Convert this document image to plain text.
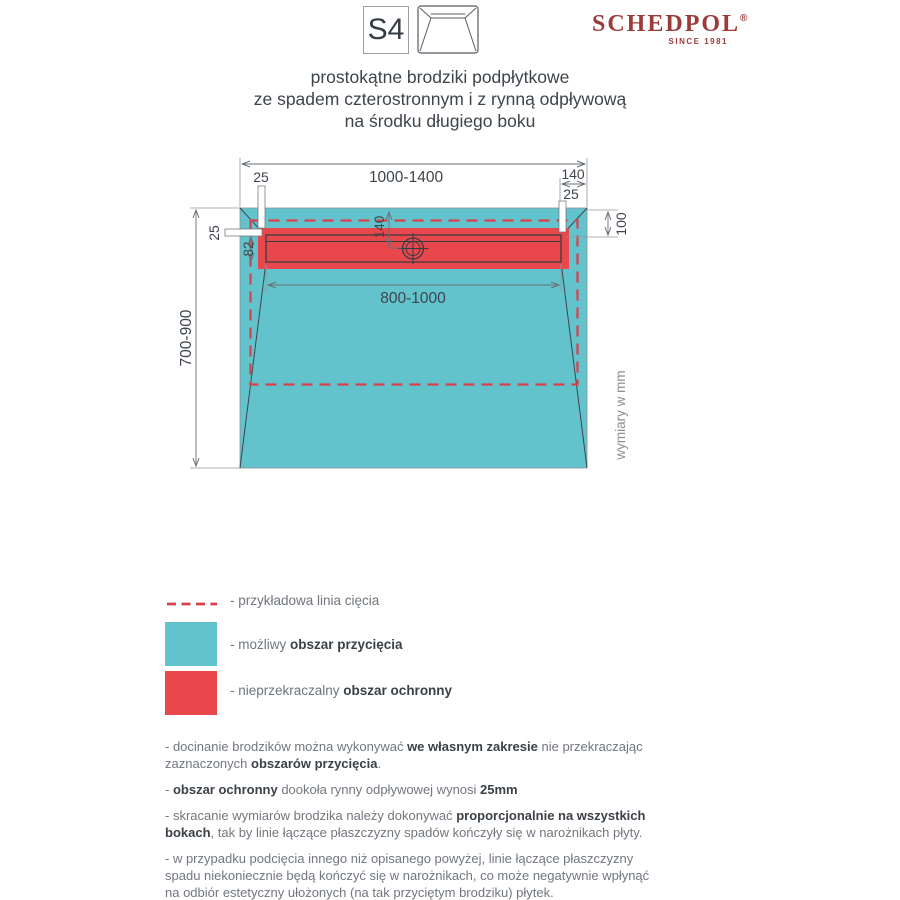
S4	SCHEDPOL®
SINCE 1981
prostokątne brodziki podpłytkowe
ze spadem czterostronnym i z rynną odpływową
na środku długiego boku
1000-1400
800-1000
140
700-900
100
82
140
25
25
25
wymiary w mm
- przykładowa linia cięcia
- możliwy obszar przycięcia
- nieprzekraczalny obszar ochronny

- docinanie brodzików można wykonywać we własnym zakresie nie przekraczając zaznaczonych obszarów przycięcia.

- obszar ochronny dookoła rynny odpływowej wynosi 25mm

- skracanie wymiarów brodzika należy dokonywać proporcjonalnie na wszystkich bokach, tak by linie łączące płaszczyzny spadów kończyły się w narożnikach płyty.

- w przypadku podcięcia innego niż opisanego powyżej, linie łączące płaszczyzny spadu niekoniecznie będą kończyć się w narożnikach, co może negatywnie wpłynąć na odbiór estetyczny ułożonych (na tak przyciętym brodziku) płytek.
